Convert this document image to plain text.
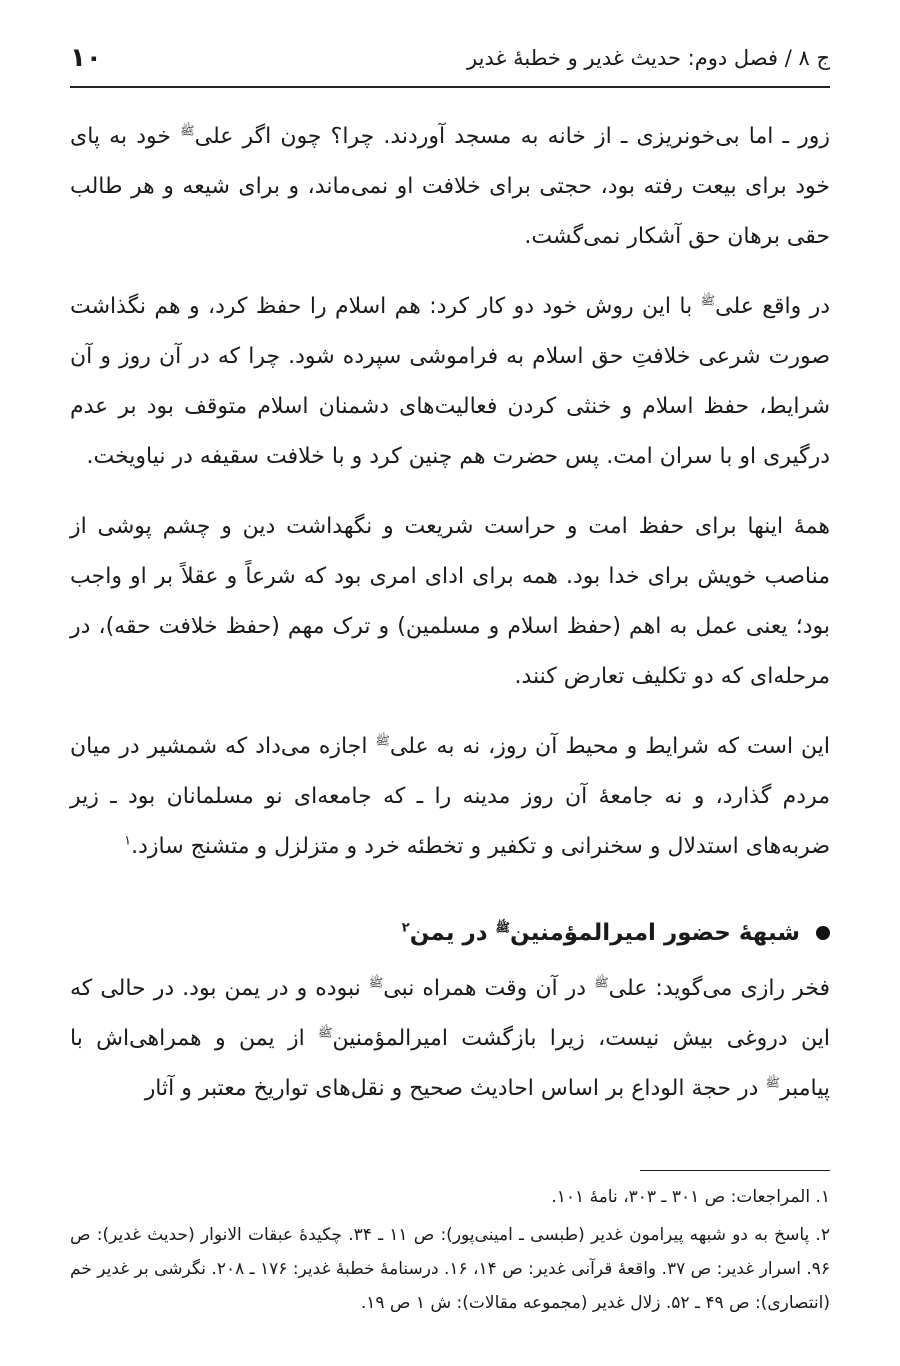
ج ۸ / فصل دوم: حدیث غدیر و خطبهٔ غدیر
۱۰

زور ـ اما بی‌خونریزی ـ از خانه به مسجد آوردند. چرا؟ چون اگر علی$^ﷺ$ خود به پای خود برای بیعت رفته بود، حجتی برای خلافت او نمی‌ماند، و برای شیعه و هر طالب حقی برهان حق آشکار نمی‌گشت.

در واقع علی$^ﷺ$ با این روش خود دو کار کرد: هم اسلام را حفظ کرد، و هم نگذاشت صورت شرعی خلافتِ حق اسلام به فراموشی سپرده شود. چرا که در آن روز و آن شرایط، حفظ اسلام و خنثی کردن فعالیت‌های دشمنان اسلام متوقف بود بر عدم درگیری او با سران امت. پس حضرت هم چنین کرد و با خلافت سقیفه در نیاویخت.

همهٔ اینها برای حفظ امت و حراست شریعت و نگهداشت دین و چشم پوشی از مناصب خویش برای خدا بود. همه برای ادای امری بود که شرعاً و عقلاً بر او واجب بود؛ یعنی عمل به اهم (حفظ اسلام و مسلمین) و ترک مهم (حفظ خلافت حقه)، در مرحله‌ای که دو تکلیف تعارض کنند.

این است که شرایط و محیط آن روز، نه به علی$^ﷺ$ اجازه می‌داد که شمشیر در میان مردم گذارد، و نه جامعهٔ آن روز مدینه را ـ که جامعه‌ای نو مسلمانان بود ـ زیر ضربه‌های استدلال و سخنرانی و تکفیر و تخطئه خرد و متزلزل و متشنج سازد.$^۱$

شبههٔ حضور امیرالمؤمنین$^ﷺ$ در یمن$^۲$

فخر رازی می‌گوید: علی$^ﷺ$ در آن وقت همراه نبی$^ﷺ$ نبوده و در یمن بود. در حالی که این دروغی بیش نیست، زیرا بازگشت امیرالمؤمنین$^ﷺ$ از یمن و همراهی‌اش با پیامبر$^ﷺ$ در حجة الوداع بر اساس احادیث صحیح و نقل‌های تواریخ معتبر و آثار

۱. المراجعات: ص ۳۰۱ ـ ۳۰۳، نامهٔ ۱۰۱.
۲. پاسخ به دو شبهه پیرامون غدیر (طبسی ـ امینی‌پور): ص ۱۱ ـ ۳۴. چکیدهٔ عبقات الانوار (حدیث غدیر): ص ۹۶. اسرار غدیر: ص ۳۷. واقعهٔ قرآنی غدیر: ص ۱۴، ۱۶. درسنامهٔ خطبهٔ غدیر: ۱۷۶ ـ ۲۰۸. نگرشی بر غدیر خم (انتصاری): ص ۴۹ ـ ۵۲. زلال غدیر (مجموعه مقالات): ش ۱ ص ۱۹.
